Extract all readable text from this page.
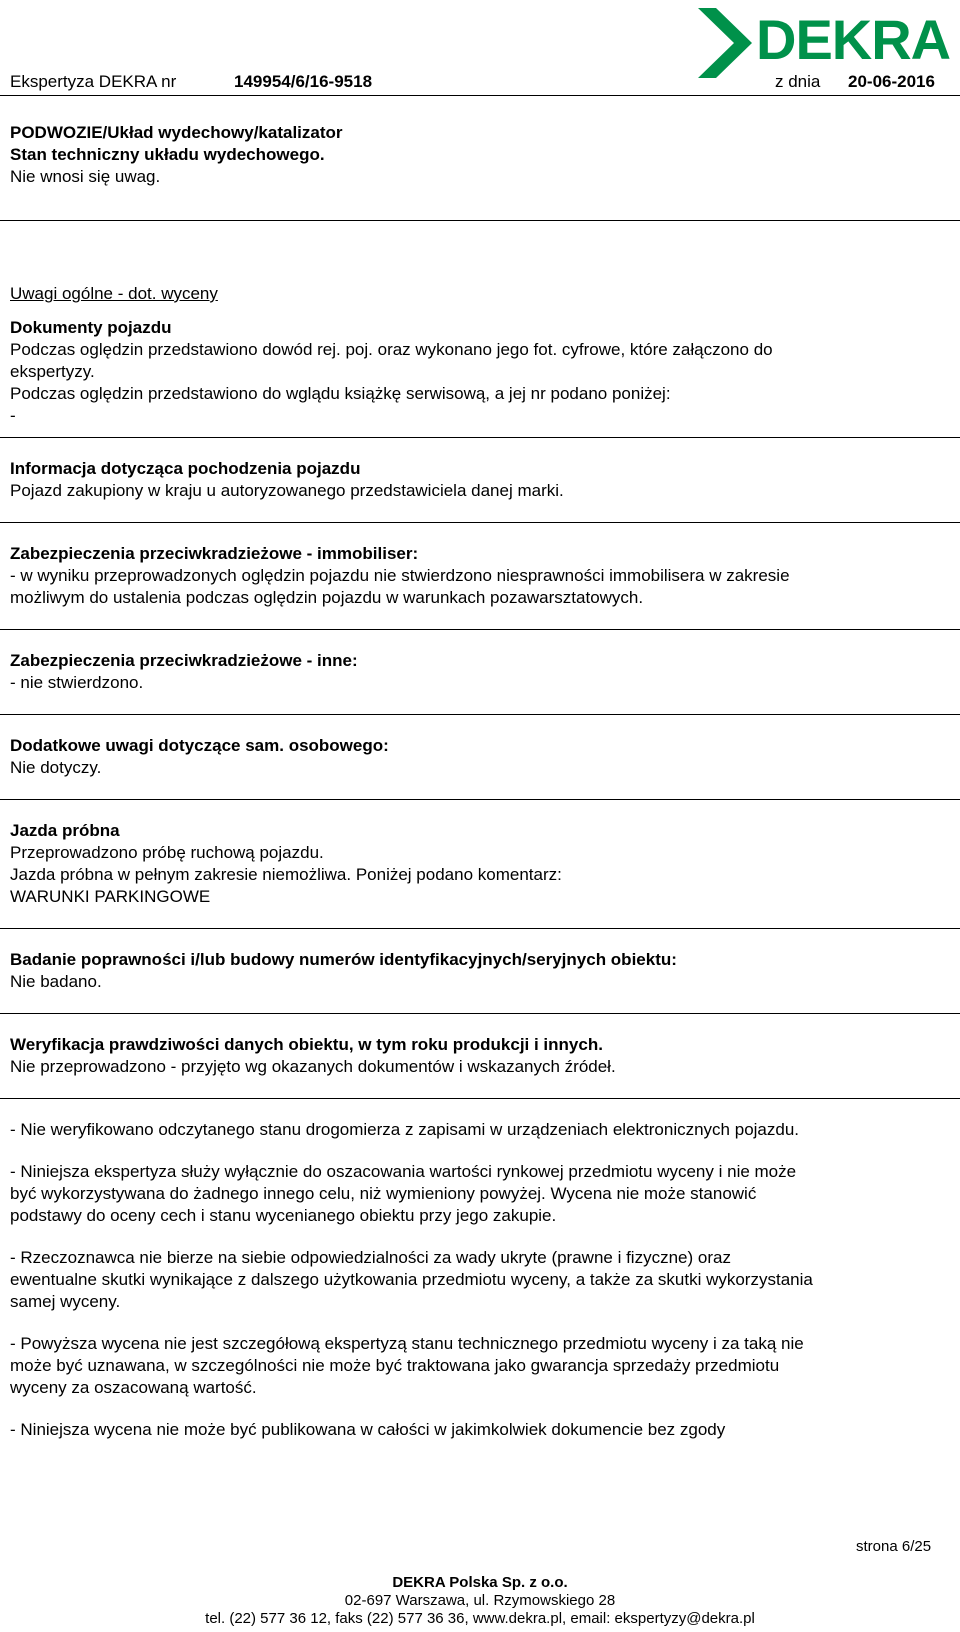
DEKRA
Ekspertyza DEKRA nr	149954/6/16-9518	z dnia 20-06-2016
PODWOZIE/Układ wydechowy/katalizator
Stan techniczny układu wydechowego.
Nie wnosi się uwag.
Uwagi ogólne - dot. wyceny
Dokumenty pojazdu
Podczas oględzin przedstawiono dowód rej. poj. oraz wykonano jego fot. cyfrowe, które załączono do
ekspertyzy.
Podczas oględzin przedstawiono do wglądu książkę serwisową, a jej nr podano poniżej:
-
Informacja dotycząca pochodzenia pojazdu
Pojazd zakupiony w kraju u autoryzowanego przedstawiciela danej marki.
Zabezpieczenia przeciwkradzieżowe - immobiliser:
- w wyniku przeprowadzonych oględzin pojazdu nie stwierdzono niesprawności immobilisera w zakresie
możliwym do ustalenia podczas oględzin pojazdu w warunkach pozawarsztatowych.
Zabezpieczenia przeciwkradzieżowe - inne:
- nie stwierdzono.
Dodatkowe uwagi dotyczące sam. osobowego:
Nie dotyczy.
Jazda próbna
Przeprowadzono próbę ruchową pojazdu.
Jazda próbna w pełnym zakresie niemożliwa. Poniżej podano komentarz:
WARUNKI PARKINGOWE
Badanie poprawności i/lub budowy numerów identyfikacyjnych/seryjnych obiektu:
Nie badano.
Weryfikacja prawdziwości danych obiektu, w tym roku produkcji i innych.
Nie przeprowadzono - przyjęto wg okazanych dokumentów i wskazanych źródeł.
- Nie weryfikowano odczytanego stanu drogomierza z zapisami w urządzeniach elektronicznych pojazdu.
- Niniejsza ekspertyza służy wyłącznie do oszacowania wartości rynkowej przedmiotu wyceny i nie może
być wykorzystywana do żadnego innego celu, niż wymieniony powyżej. Wycena nie może stanowić
podstawy do oceny cech i stanu wycenianego obiektu przy jego zakupie.
- Rzeczoznawca nie bierze na siebie odpowiedzialności za wady ukryte (prawne i fizyczne) oraz
ewentualne skutki wynikające z dalszego użytkowania przedmiotu wyceny, a także za skutki wykorzystania
samej wyceny.
- Powyższa wycena nie jest szczegółową ekspertyzą stanu technicznego przedmiotu wyceny i za taką nie
może być uznawana, w szczególności nie może być traktowana jako gwarancja sprzedaży przedmiotu
wyceny za oszacowaną wartość.
- Niniejsza wycena nie może być publikowana w całości w jakimkolwiek dokumencie bez zgody
strona 6/25
DEKRA Polska Sp. z o.o.
02-697 Warszawa, ul. Rzymowskiego 28
tel. (22) 577 36 12, faks (22) 577 36 36, www.dekra.pl, email: ekspertyzy@dekra.pl
